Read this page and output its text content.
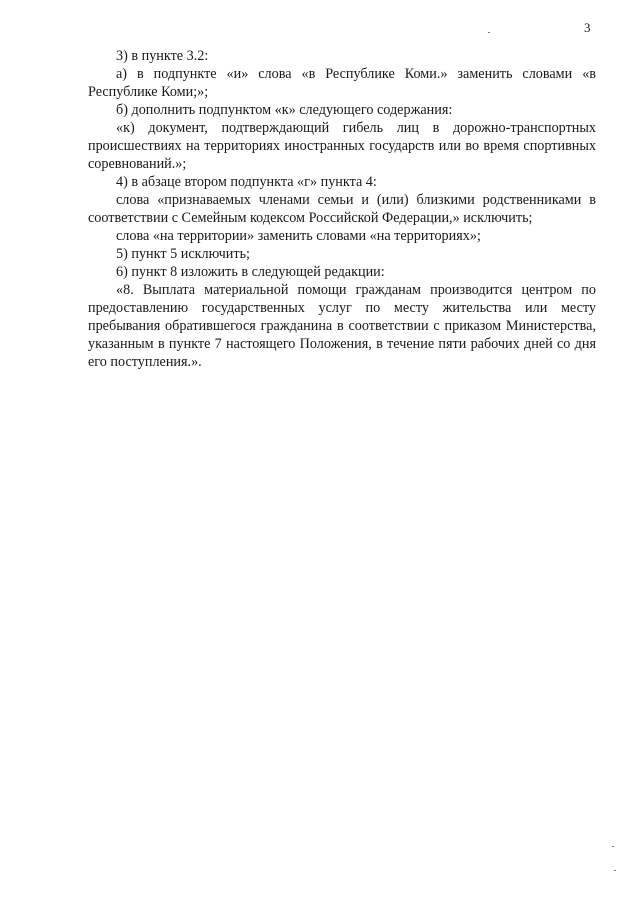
3

3) в пункте 3.2:

а) в подпункте «и» слова «в Республике Коми.» заменить словами «в Республике Коми;»;

б) дополнить подпунктом «к» следующего содержания:

«к) документ, подтверждающий гибель лиц в дорожно-транспортных происшествиях на территориях иностранных государств или во время спортивных соревнований.»;

4) в абзаце втором подпункта «г» пункта 4:

слова «признаваемых членами семьи и (или) близкими родственниками в соответствии с Семейным кодексом Российской Федерации,» исключить;

слова «на территории» заменить словами «на территориях»;

5) пункт 5 исключить;

6) пункт 8 изложить в следующей редакции:

«8. Выплата материальной помощи гражданам производится центром по предоставлению государственных услуг по месту жительства или месту пребывания обратившегося гражданина в соответствии с приказом Министерства, указанным в пункте 7 настоящего Положения, в течение пяти рабочих дней со дня его поступления.».
